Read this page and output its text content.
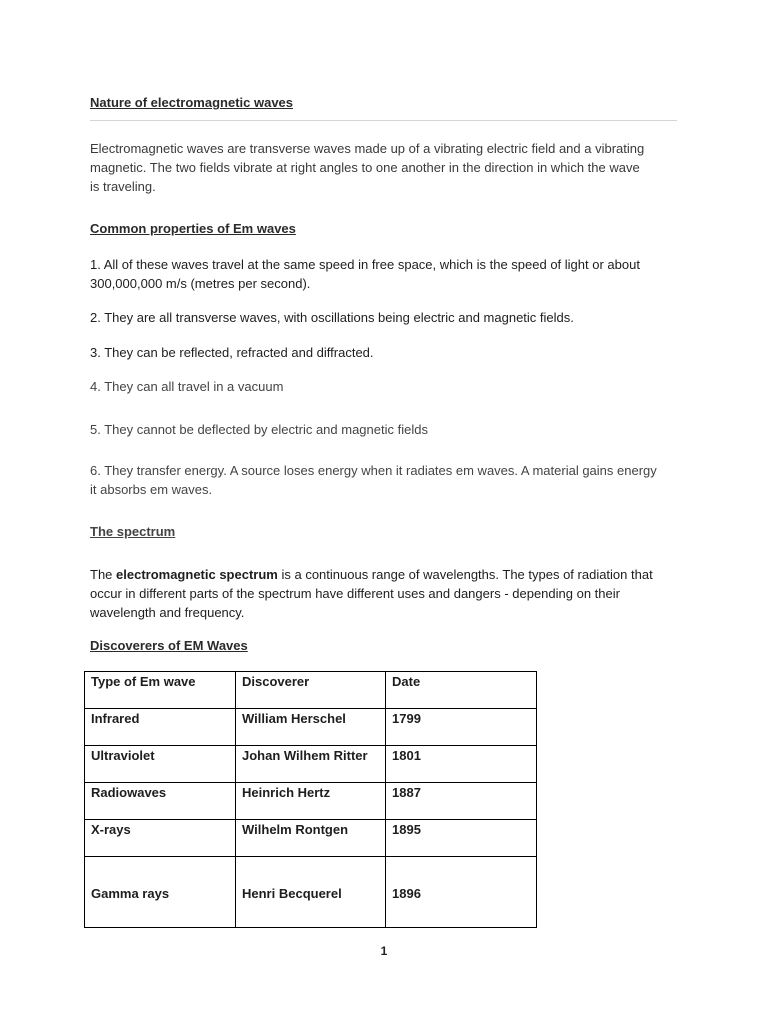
Nature of electromagnetic waves
Electromagnetic waves are transverse waves made up of a vibrating electric field and a vibrating magnetic. The two fields vibrate at right angles to one another in the direction in which the wave is traveling.
Common properties of Em waves
1. All of these waves travel at the same speed in free space, which is the speed of light or about 300,000,000 m/s (metres per second).
2. They are all transverse waves, with oscillations being electric and magnetic fields.
3. They can be reflected, refracted and diffracted.
4. They can all travel in a vacuum
5. They cannot be deflected by electric and magnetic fields
6. They transfer energy. A source loses energy when it radiates em waves. A material gains energy it absorbs em waves.
The spectrum
The electromagnetic spectrum is a continuous range of wavelengths. The types of radiation that occur in different parts of the spectrum have different uses and dangers - depending on their wavelength and frequency.
Discoverers of EM Waves
Type of Em wave	Discoverer	Date
Infrared	William Herschel	1799
Ultraviolet	Johan Wilhem Ritter	1801
Radiowaves	Heinrich Hertz	1887
X-rays	Wilhelm Rontgen	1895
Gamma rays	Henri Becquerel	1896
1
